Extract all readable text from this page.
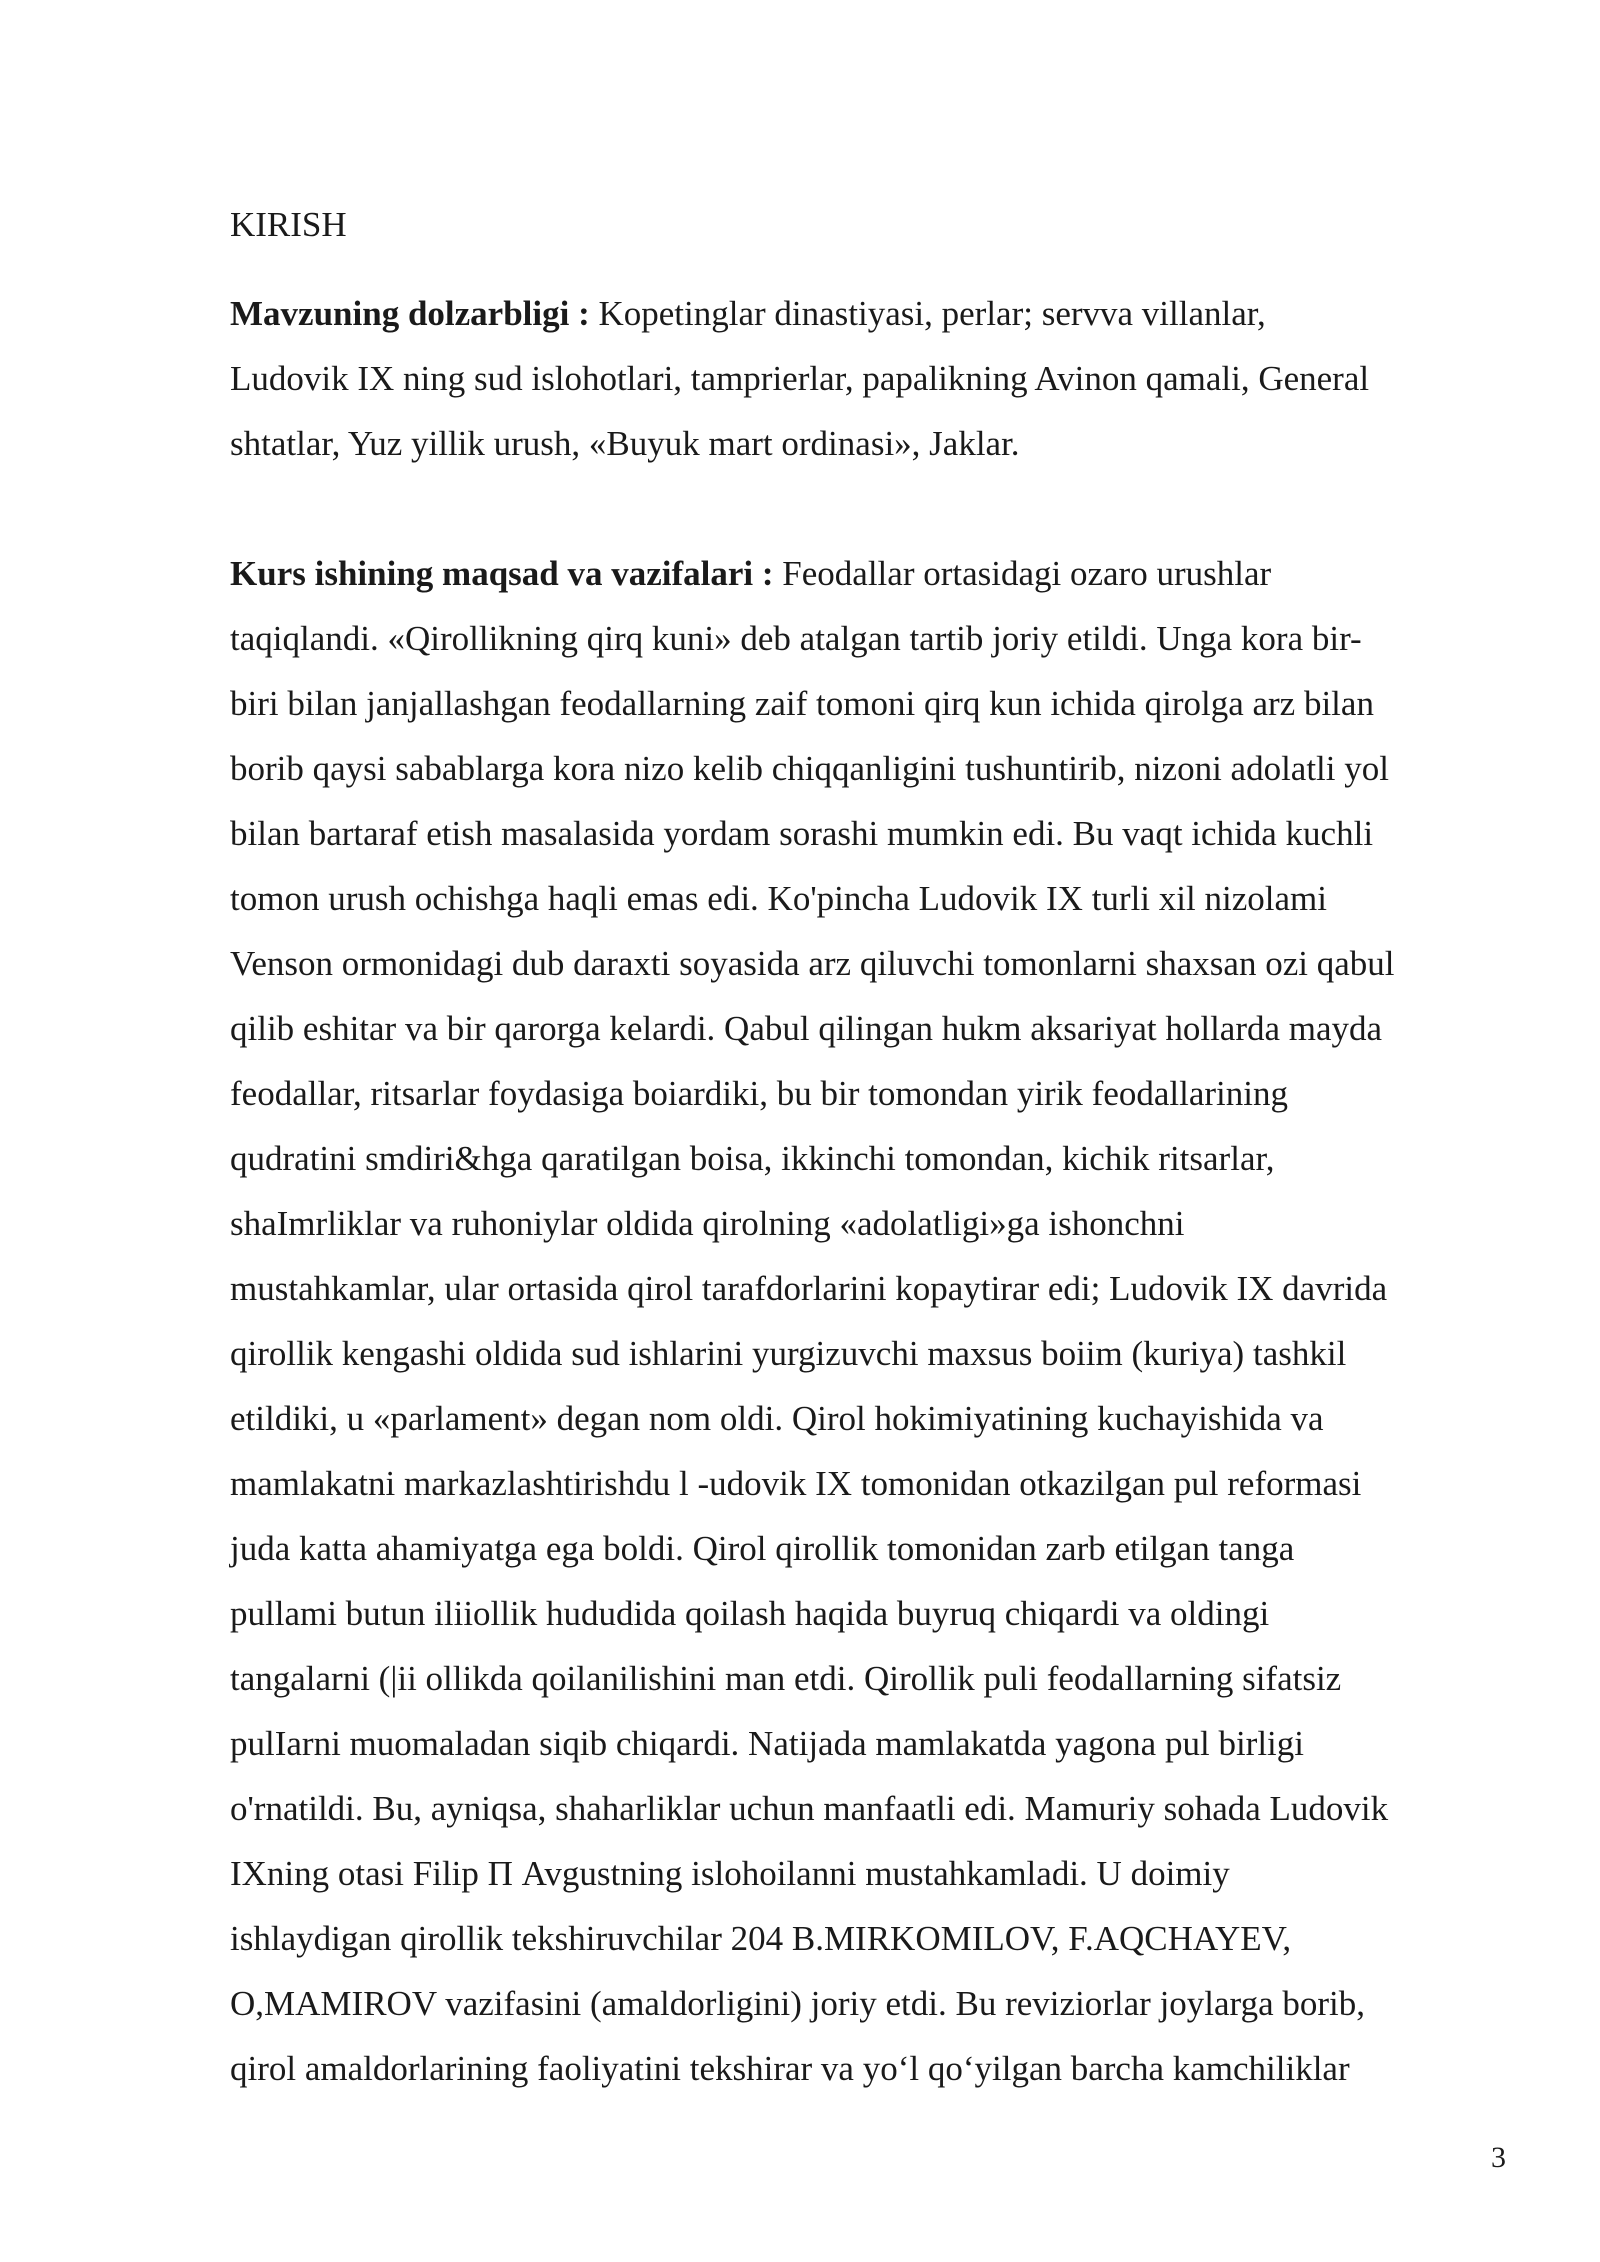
KIRISH

Mavzuning dolzarbligi : Kopetinglar dinastiyasi, perlar; servva villanlar,
Ludovik IX ning sud islohotlari, tamprierlar, papalikning Avinon qamali, General
shtatlar, Yuz yillik urush, «Buyuk mart ordinasi», Jaklar.

Kurs ishining maqsad va vazifalari : Feodallar ortasidagi ozaro urushlar
taqiqlandi. «Qirollikning qirq kuni» deb atalgan tartib joriy etildi. Unga kora bir-
biri bilan janjallashgan feodallarning zaif tomoni qirq kun ichida qirolga arz bilan
borib qaysi sabablarga kora nizo kelib chiqqanligini tushuntirib, nizoni adolatli yol
bilan bartaraf etish masalasida yordam sorashi mumkin edi. Bu vaqt ichida kuchli
tomon urush ochishga haqli emas edi. Ko'pincha Ludovik IX turli xil nizolami
Venson ormonidagi dub daraxti soyasida arz qiluvchi tomonlarni shaxsan ozi qabul
qilib eshitar va bir qarorga kelardi. Qabul qilingan hukm aksariyat hollarda mayda
feodallar, ritsarlar foydasiga boiardiki, bu bir tomondan yirik feodallarining
qudratini smdiri&hga qaratilgan boisa, ikkinchi tomondan, kichik ritsarlar,
shaImrliklar va ruhoniylar oldida qirolning «adolatligi»ga ishonchni
mustahkamlar, ular ortasida qirol tarafdorlarini kopaytirar edi; Ludovik IX davrida
qirollik kengashi oldida sud ishlarini yurgizuvchi maxsus boiim (kuriya) tashkil
etildiki, u «parlament» degan nom oldi. Qirol hokimiyatining kuchayishida va
mamlakatni markazlashtirishdu l -udovik IX tomonidan otkazilgan pul reformasi
juda katta ahamiyatga ega boldi. Qirol qirollik tomonidan zarb etilgan tanga
pullami butun iliiollik hududida qoilash haqida buyruq chiqardi va oldingi
tangalarni (|ii ollikda qoilanilishini man etdi. Qirollik puli feodallarning sifatsiz
pulIarni muomaladan siqib chiqardi. Natijada mamlakatda yagona pul birligi
o'rnatildi. Bu, ayniqsa, shaharliklar uchun manfaatli edi. Mamuriy sohada Ludovik
IXning otasi Filip Π Avgustning islohoilanni mustahkamladi. U doimiy
ishlaydigan qirollik tekshiruvchilar 204 B.MIRKOMILOV, F.AQCHAYEV,
O,MAMIROV vazifasini (amaldorligini) joriy etdi. Bu reviziorlar joylarga borib,
qirol amaldorlarining faoliyatini tekshirar va yo‘l qo‘yilgan barcha kamchiliklar

3
